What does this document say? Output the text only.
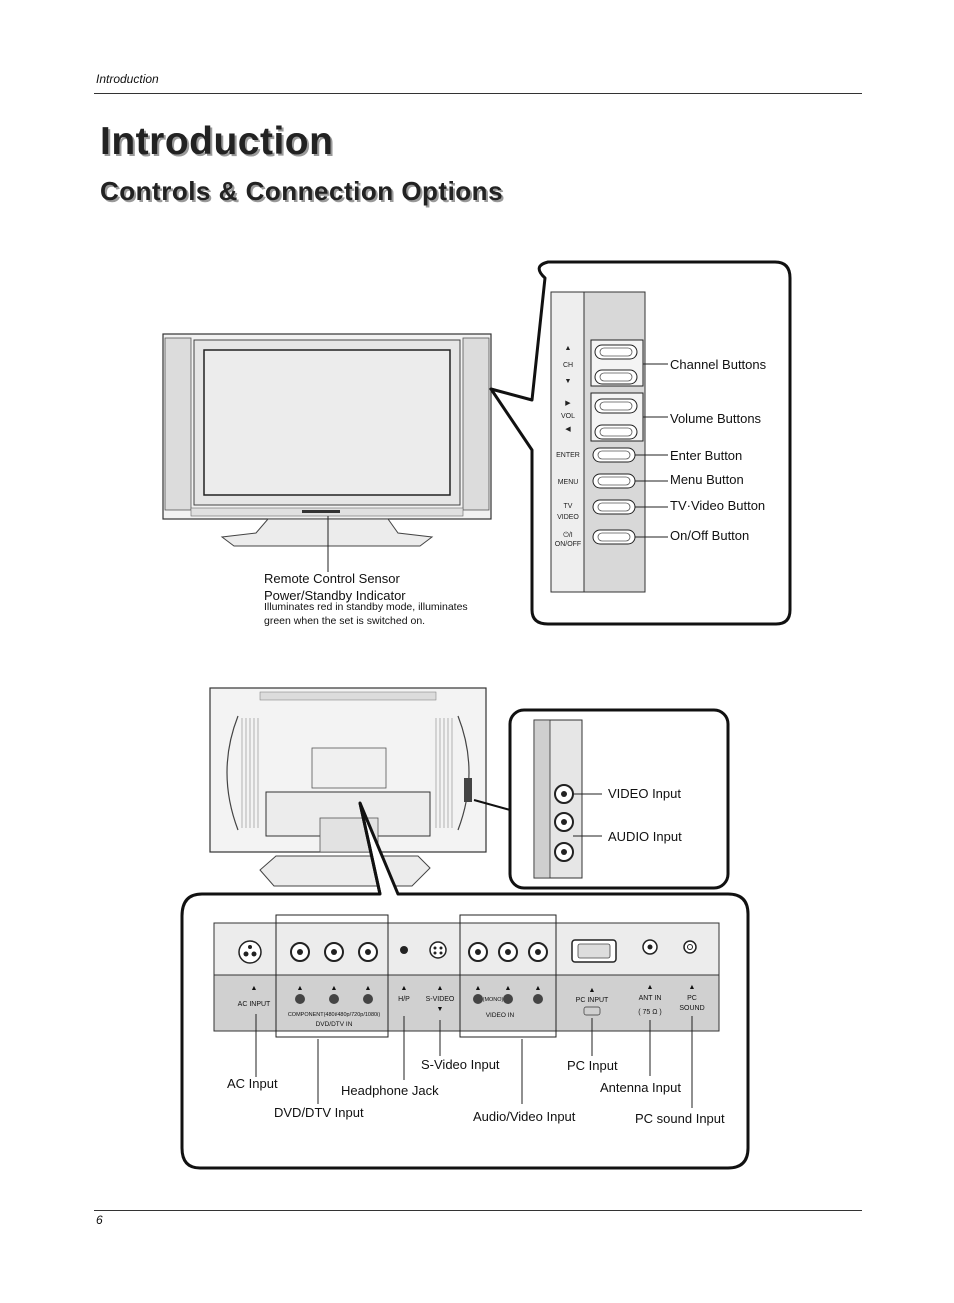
Introduction
Introduction
Controls & Connection Options
▲
CH
▼
▶
VOL
◀
ENTER
MENU
TV
VIDEO
⏻/I
ON/OFF
Channel Buttons
Volume Buttons
Enter Button
Menu Button
TV·Video Button
On/Off Button
Remote Control Sensor
Power/Standby Indicator
Illuminates red in standby mode, illuminates
green when the set is switched on.
▲
AC INPUT
▲	▲	▲
COMPONENT(480i/480p/720p/1080i)
DVD/DTV IN
▲
H/P
▲
S-VIDEO
▼
▲	▲	▲
(MONO)
VIDEO IN
▲
PC INPUT
▲
ANT IN
( 75 Ω )
▲
PC
SOUND
VIDEO Input
AUDIO Input
AC Input
DVD/DTV Input
Headphone Jack
S-Video Input
Audio/Video Input
PC Input
Antenna Input
PC sound Input
6
